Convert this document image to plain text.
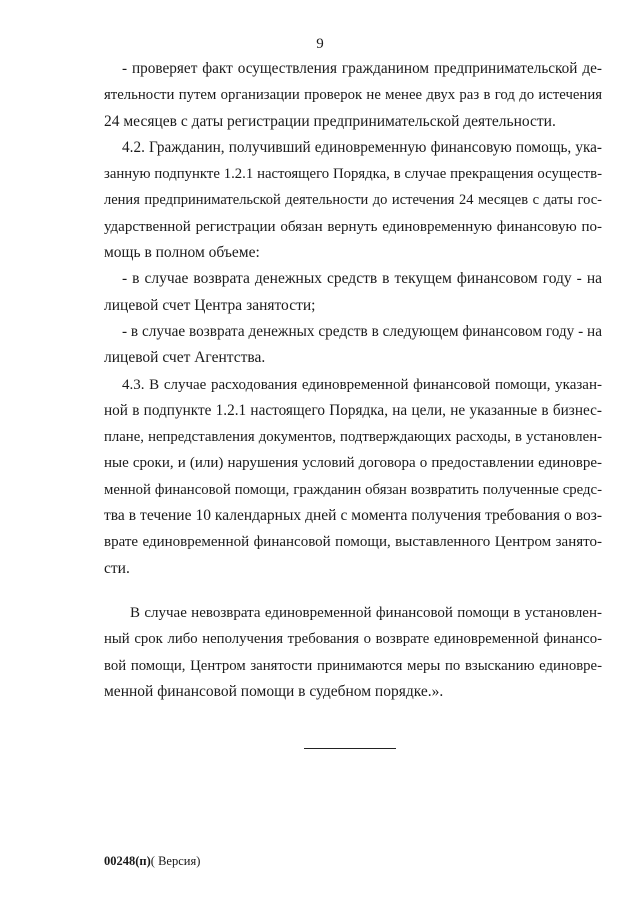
9
- проверяет факт осуществления гражданином предпринимательской де-
ятельности путем организации проверок не менее двух раз в год до истечения
24 месяцев с даты регистрации предпринимательской деятельности.
4.2. Гражданин, получивший единовременную финансовую помощь, ука-
занную подпункте 1.2.1 настоящего Порядка, в случае прекращения осуществ-
ления предпринимательской деятельности до истечения 24 месяцев с даты гос-
ударственной регистрации обязан вернуть единовременную финансовую по-
мощь в полном объеме:
- в случае возврата денежных средств в текущем финансовом году - на
лицевой счет Центра занятости;
- в случае возврата денежных средств в следующем финансовом году - на
лицевой счет Агентства.
4.3. В случае расходования единовременной финансовой помощи, указан-
ной в подпункте 1.2.1 настоящего Порядка, на цели, не указанные в бизнес-
плане, непредставления документов, подтверждающих расходы, в установлен-
ные сроки, и (или) нарушения условий договора о предоставлении единовре-
менной финансовой помощи, гражданин обязан возвратить полученные средс-
тва в течение 10 календарных дней с момента получения требования о воз-
врате единовременной финансовой помощи, выставленного Центром занято-
сти.
В случае невозврата единовременной финансовой помощи в установлен-
ный срок либо неполучения требования о возврате единовременной финансо-
вой помощи, Центром занятости принимаются меры по взысканию единовре-
менной финансовой помощи в судебном порядке.».
00248(п)( Версия)
